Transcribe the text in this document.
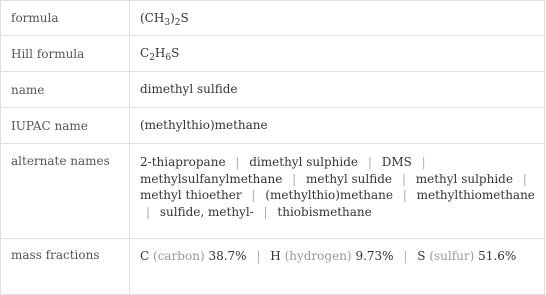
formula	$(CH_3)_2S$
Hill formula	$C_2H_6S$
name	dimethyl sulfide
IUPAC name	(methylthio)methane
alternate names	2-thiapropane | dimethyl sulphide | DMS | methylsulfanylmethane | methyl sulfide | methyl sulphide | methyl thioether | (methylthio)methane | methylthiomethane | sulfide, methyl- | thiobismethane
mass fractions	C (carbon) 38.7% | H (hydrogen) 9.73% | S (sulfur) 51.6%
